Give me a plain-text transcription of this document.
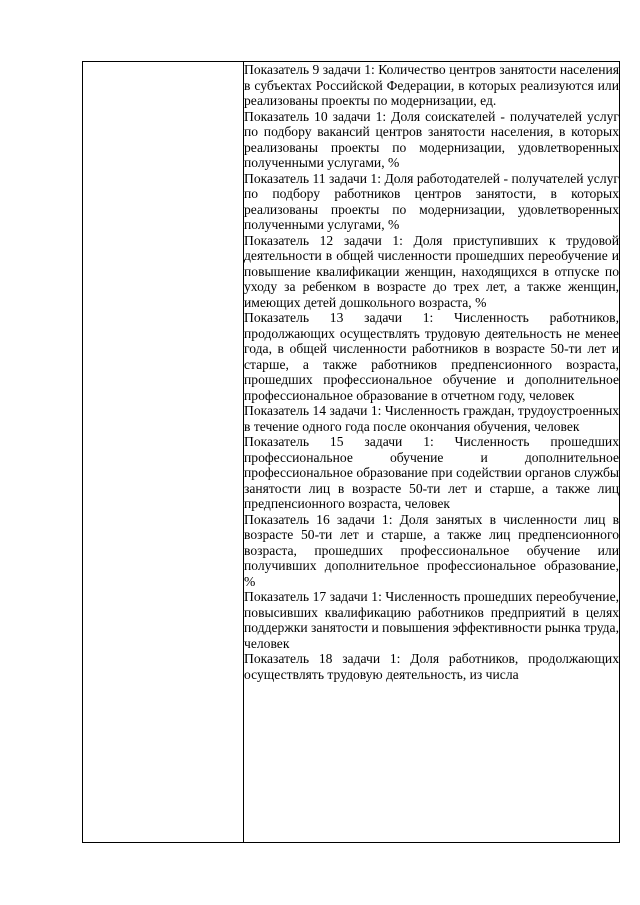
Показатель 9 задачи 1: Количество центров занятости населения в субъектах Российской Федерации, в которых реализуются или реализованы проекты по модернизации, ед.

Показатель 10 задачи 1: Доля соискателей - получателей услуг по подбору вакансий центров занятости населения, в которых реализованы проекты по модернизации, удовлетворенных полученными услугами, %

Показатель 11 задачи 1: Доля работодателей - получателей услуг по подбору работников центров занятости, в которых реализованы проекты по модернизации, удовлетворенных полученными услугами, %

Показатель 12 задачи 1: Доля приступивших к трудовой деятельности в общей численности прошедших переобучение и повышение квалификации женщин, находящихся в отпуске по уходу за ребенком в возрасте до трех лет, а также женщин, имеющих детей дошкольного возраста, %

Показатель 13 задачи 1: Численность работников, продолжающих осуществлять трудовую деятельность не менее года, в общей численности работников в возрасте 50-ти лет и старше, а также работников предпенсионного возраста, прошедших профессиональное обучение и дополнительное профессиональное образование в отчетном году, человек

Показатель 14 задачи 1: Численность граждан, трудоустроенных в течение одного года после окончания обучения, человек

Показатель 15 задачи 1: Численность прошедших профессиональное обучение и дополнительное профессиональное образование при содействии органов службы занятости лиц в возрасте 50-ти лет и старше, а также лиц предпенсионного возраста, человек

Показатель 16 задачи 1: Доля занятых в численности лиц в возрасте 50-ти лет и старше, а также лиц предпенсионного возраста, прошедших профессиональное обучение или получивших дополнительное профессиональное образование, %

Показатель 17 задачи 1: Численность прошедших переобучение, повысивших квалификацию работников предприятий в целях поддержки занятости и повышения эффективности рынка труда, человек

Показатель 18 задачи 1: Доля работников, продолжающих осуществлять трудовую деятельность, из числа
